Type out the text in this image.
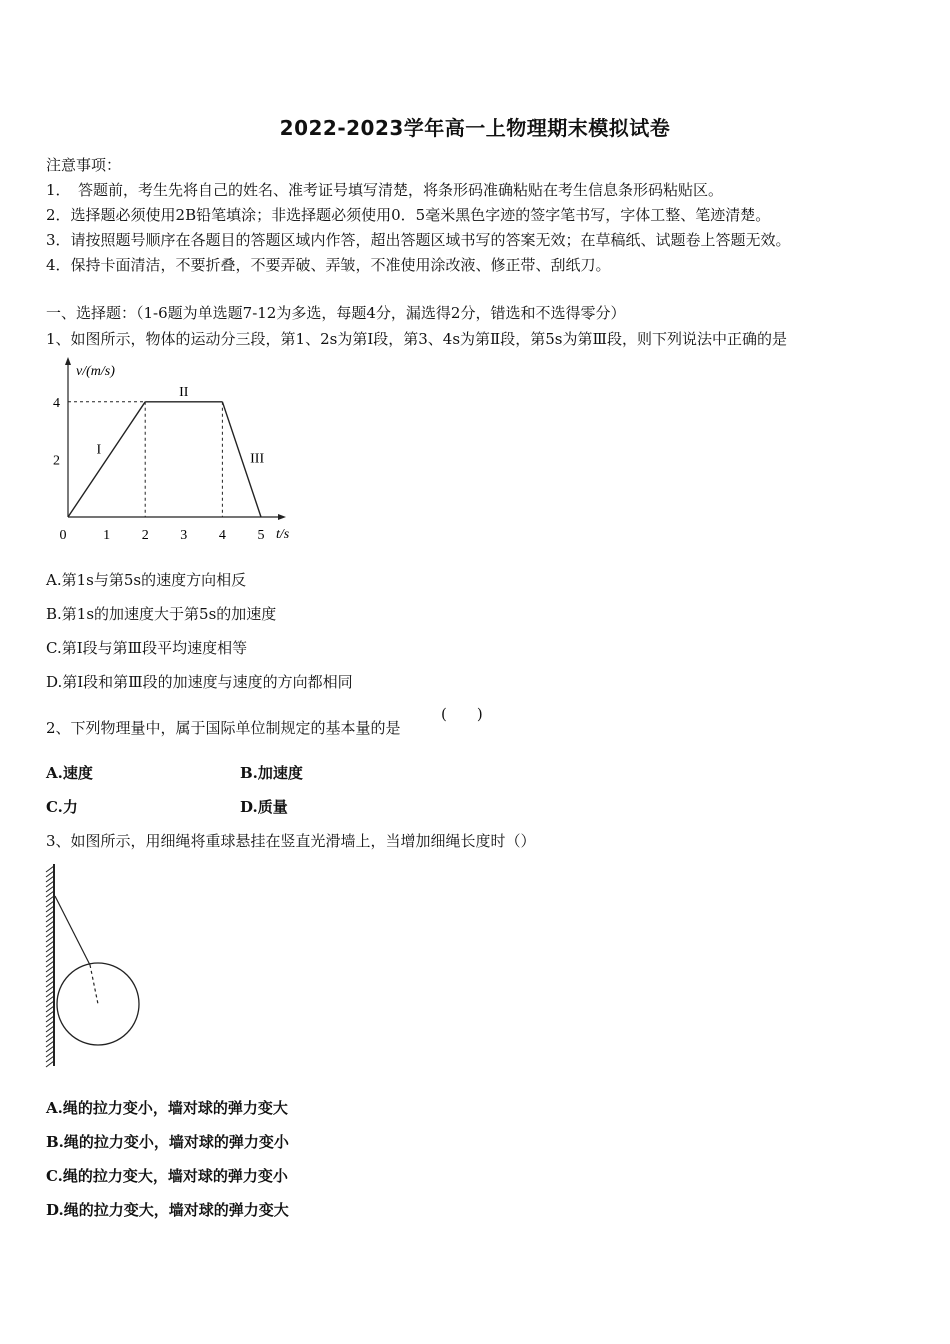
2022-2023学年高一上物理期末模拟试卷
注意事项：
1．　答题前，考生先将自己的姓名、准考证号填写清楚，将条形码准确粘贴在考生信息条形码粘贴区。
2．选择题必须使用2B铅笔填涂；非选择题必须使用0．5毫米黑色字迹的签字笔书写，字体工整、笔迹清楚。
3．请按照题号顺序在各题目的答题区域内作答，超出答题区域书写的答案无效；在草稿纸、试题卷上答题无效。
4．保持卡面清洁，不要折叠，不要弄破、弄皱，不准使用涂改液、修正带、刮纸刀。
一、选择题：（1-6题为单选题7-12为多选，每题4分，漏选得2分，错选和不选得零分）
1、如图所示，物体的运动分三段，第1、2s为第Ⅰ段，第3、4s为第Ⅱ段，第5s为第Ⅲ段，则下列说法中正确的是
v/(m/s)
t/s
0	1 2 3 4 5
2
4
I
II
III
A.第1s与第5s的速度方向相反
B.第1s的加速度大于第5s的加速度
C.第Ⅰ段与第Ⅲ段平均速度相等
D.第Ⅰ段和第Ⅲ段的加速度与速度的方向都相同
2、下列物理量中，属于国际单位制规定的基本量的是
(　　)
A.速度	B.加速度
C.力	D.质量
3、如图所示，用细绳将重球悬挂在竖直光滑墙上，当增加细绳长度时（）
A.绳的拉力变小，墙对球的弹力变大
B.绳的拉力变小，墙对球的弹力变小
C.绳的拉力变大，墙对球的弹力变小
D.绳的拉力变大，墙对球的弹力变大
